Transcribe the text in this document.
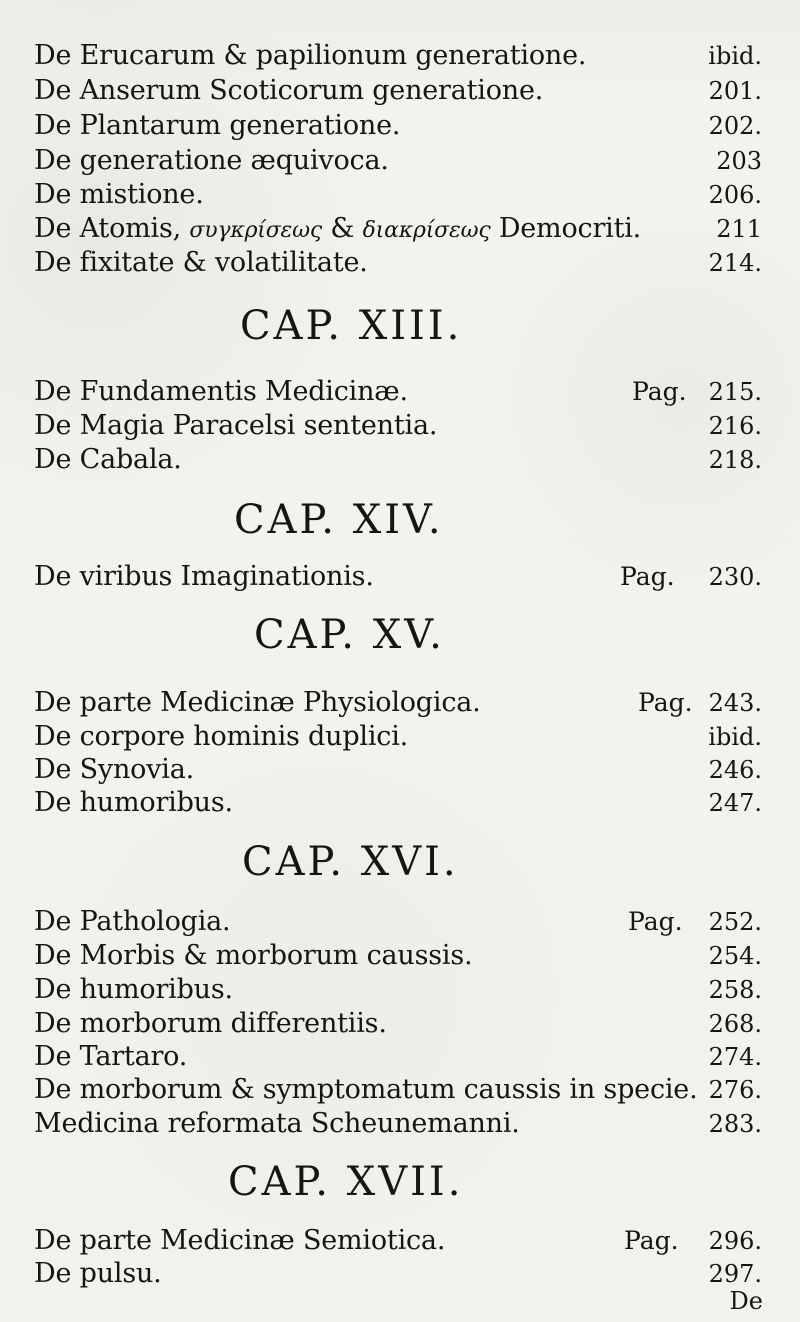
De Erucarum & papilionum generatione.	ibid.
De Anserum Scoticorum generatione.	201.
De Plantarum generatione.	202.
De generatione æquivoca.	203
De mistione.	206.
De Atomis, συγκρίσεως & διακρίσεως Democriti.	211
De fixitate & volatilitate.	214.
CAP. XIII.
De Fundamentis Medicinæ.	Pag. 215.
De Magia Paracelsi sententia.	216.
De Cabala.	218.
CAP. XIV.
De viribus Imaginationis.	Pag. 230.
CAP. XV.
De parte Medicinæ Physiologica.	Pag. 243.
De corpore hominis duplici.	ibid.
De Synovia.	246.
De humoribus.	247.
CAP. XVI.
De Pathologia.	Pag. 252.
De Morbis & morborum caussis.	254.
De humoribus.	258.
De morborum differentiis.	268.
De Tartaro.	274.
De morborum & symptomatum caussis in specie. 276.
Medicina reformata Scheunemanni.	283.
CAP. XVII.
De parte Medicinæ Semiotica.	Pag. 296.
De pulsu.	297.
De
